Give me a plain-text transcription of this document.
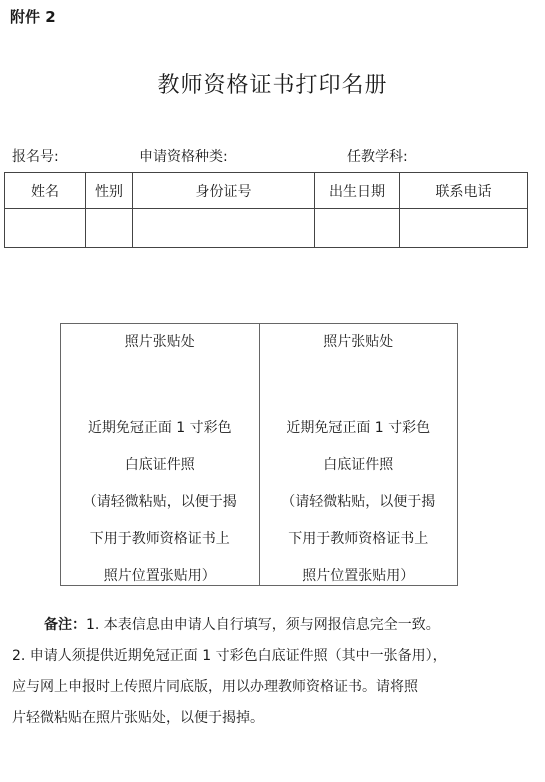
附件 2
教师资格证书打印名册
报名号:	申请资格种类:	任教学科:
姓名	性别	身份证号	出生日期	联系电话

照片张贴处
近期免冠正面 1 寸彩色
白底证件照
（请轻微粘贴，以便于揭
下用于教师资格证书上
照片位置张贴用）
照片张贴处
近期免冠正面 1 寸彩色
白底证件照
（请轻微粘贴，以便于揭
下用于教师资格证书上
照片位置张贴用）
备注：1. 本表信息由申请人自行填写，须与网报信息完全一致。
2. 申请人须提供近期免冠正面 1 寸彩色白底证件照（其中一张备用），
应与网上申报时上传照片同底版，用以办理教师资格证书。请将照
片轻微粘贴在照片张贴处，以便于揭掉。
